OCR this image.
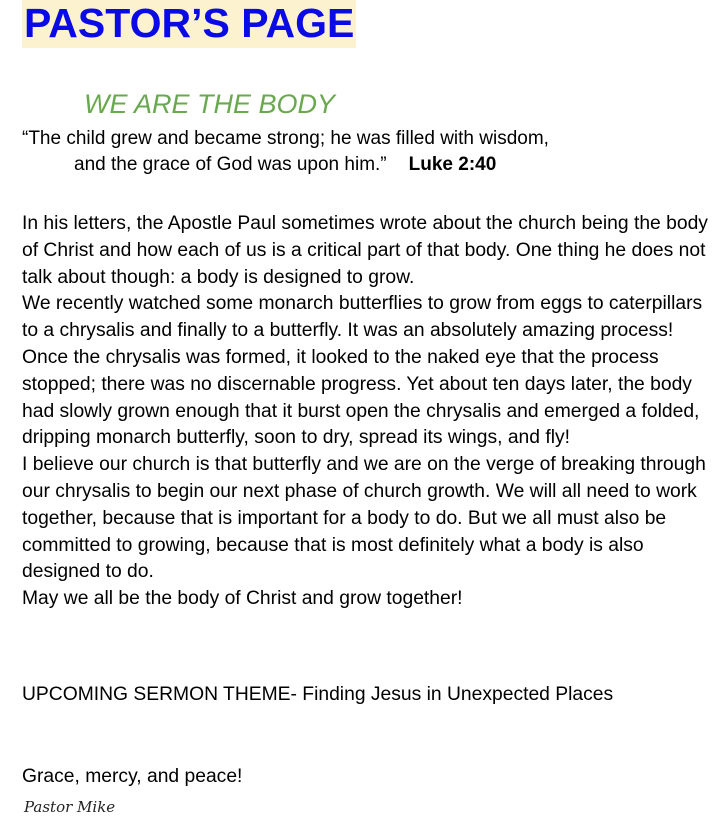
PASTOR’S PAGE
WE ARE THE BODY
“The child grew and became strong; he was filled with wisdom,
and the grace of God was upon him.” Luke 2:40

In his letters, the Apostle Paul sometimes wrote about the church being the body of Christ and how each of us is a critical part of that body. One thing he does not talk about though: a body is designed to grow.

We recently watched some monarch butterflies to grow from eggs to caterpillars to a chrysalis and finally to a butterfly. It was an absolutely amazing process! Once the chrysalis was formed, it looked to the naked eye that the process stopped; there was no discernable progress. Yet about ten days later, the body had slowly grown enough that it burst open the chrysalis and emerged a folded, dripping monarch butterfly, soon to dry, spread its wings, and fly!

I believe our church is that butterfly and we are on the verge of breaking through our chrysalis to begin our next phase of church growth. We will all need to work together, because that is important for a body to do. But we all must also be committed to growing, because that is most definitely what a body is also designed to do.

May we all be the body of Christ and grow together!

UPCOMING SERMON THEME- Finding Jesus in Unexpected Places
Grace, mercy, and peace!
Pastor Mike
